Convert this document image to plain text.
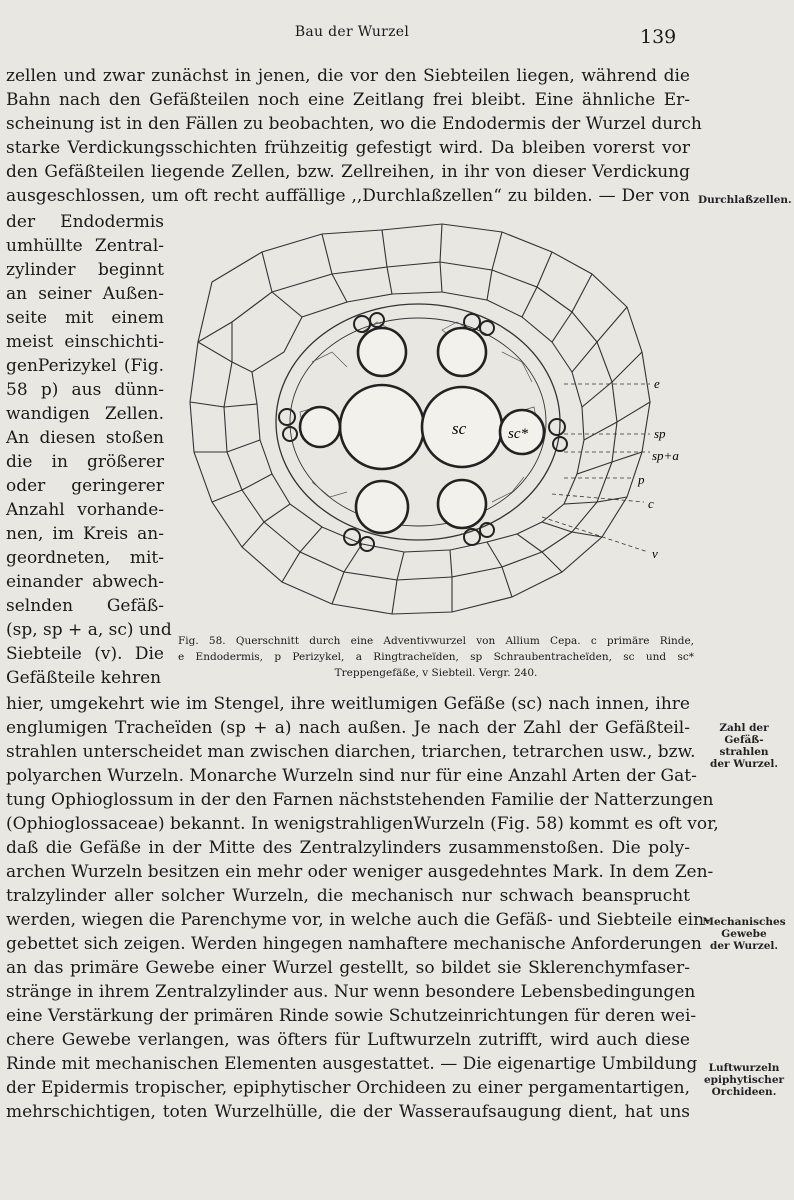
Bau der Wurzel	139
zellen und zwar zunächst in jenen, die vor den Siebteilen liegen, während die
Bahn nach den Gefäßteilen noch eine Zeitlang frei bleibt. Eine ähnliche Er-
scheinung ist in den Fällen zu beobachten, wo die Endodermis der Wurzel durch
starke Verdickungsschichten frühzeitig gefestigt wird. Da bleiben vorerst vor
den Gefäßteilen liegende Zellen, bzw. Zellreihen, in ihr von dieser Verdickung
ausgeschlossen, um oft recht auffällige ,,Durchlaßzellen“ zu bilden. — Der von Durchlaßzellen.
der Endodermis
umhüllte Zentral-
zylinder beginnt
an seiner Außen-
seite mit einem
meist einschichti-
genPerizykel (Fig.
58 p) aus dünn-
wandigen Zellen.
An diesen stoßen
die in größerer
oder geringerer
Anzahl vorhande-
nen, im Kreis an-
geordneten, mit-
einander abwech-
selnden Gefäß-
(sp, sp + a, sc) und
Siebteile (v). Die
Gefäßteile kehren
sc	sc*
e
sp
sp+a
p
c
v
Fig. 58. Querschnitt durch eine Adventivwurzel von Allium Cepa. c primäre Rinde,
e Endodermis, p Perizykel, a Ringtracheïden, sp Schraubentracheïden, sc und sc*
Treppengefäße, v Siebteil. Vergr. 240.
hier, umgekehrt wie im Stengel, ihre weitlumigen Gefäße (sc) nach innen, ihre
englumigen Tracheïden (sp + a) nach außen. Je nach der Zahl der Gefäßteil-
strahlen unterscheidet man zwischen diarchen, triarchen, tetrarchen usw., bzw.
polyarchen Wurzeln. Monarche Wurzeln sind nur für eine Anzahl Arten der Gat-
tung Ophioglossum in der den Farnen nächststehenden Familie der Natterzungen
(Ophioglossaceae) bekannt. In wenigstrahligenWurzeln (Fig. 58) kommt es oft vor,
daß die Gefäße in der Mitte des Zentralzylinders zusammenstoßen. Die poly-
archen Wurzeln besitzen ein mehr oder weniger ausgedehntes Mark. In dem Zen-
tralzylinder aller solcher Wurzeln, die mechanisch nur schwach beansprucht
werden, wiegen die Parenchyme vor, in welche auch die Gefäß- und Siebteile ein-
gebettet sich zeigen. Werden hingegen namhaftere mechanische Anforderungen
an das primäre Gewebe einer Wurzel gestellt, so bildet sie Sklerenchymfaser-
stränge in ihrem Zentralzylinder aus. Nur wenn besondere Lebensbedingungen
eine Verstärkung der primären Rinde sowie Schutzeinrichtungen für deren wei-
chere Gewebe verlangen, was öfters für Luftwurzeln zutrifft, wird auch diese
Rinde mit mechanischen Elementen ausgestattet. — Die eigenartige Umbildung
der Epidermis tropischer, epiphytischer Orchideen zu einer pergamentartigen,
mehrschichtigen, toten Wurzelhülle, die der Wasseraufsaugung dient, hat uns
Zahl der Gefäß-
strahlen
der Wurzel.
Mechanisches
Gewebe
der Wurzel.
Luftwurzeln
epiphytischer
Orchideen.
